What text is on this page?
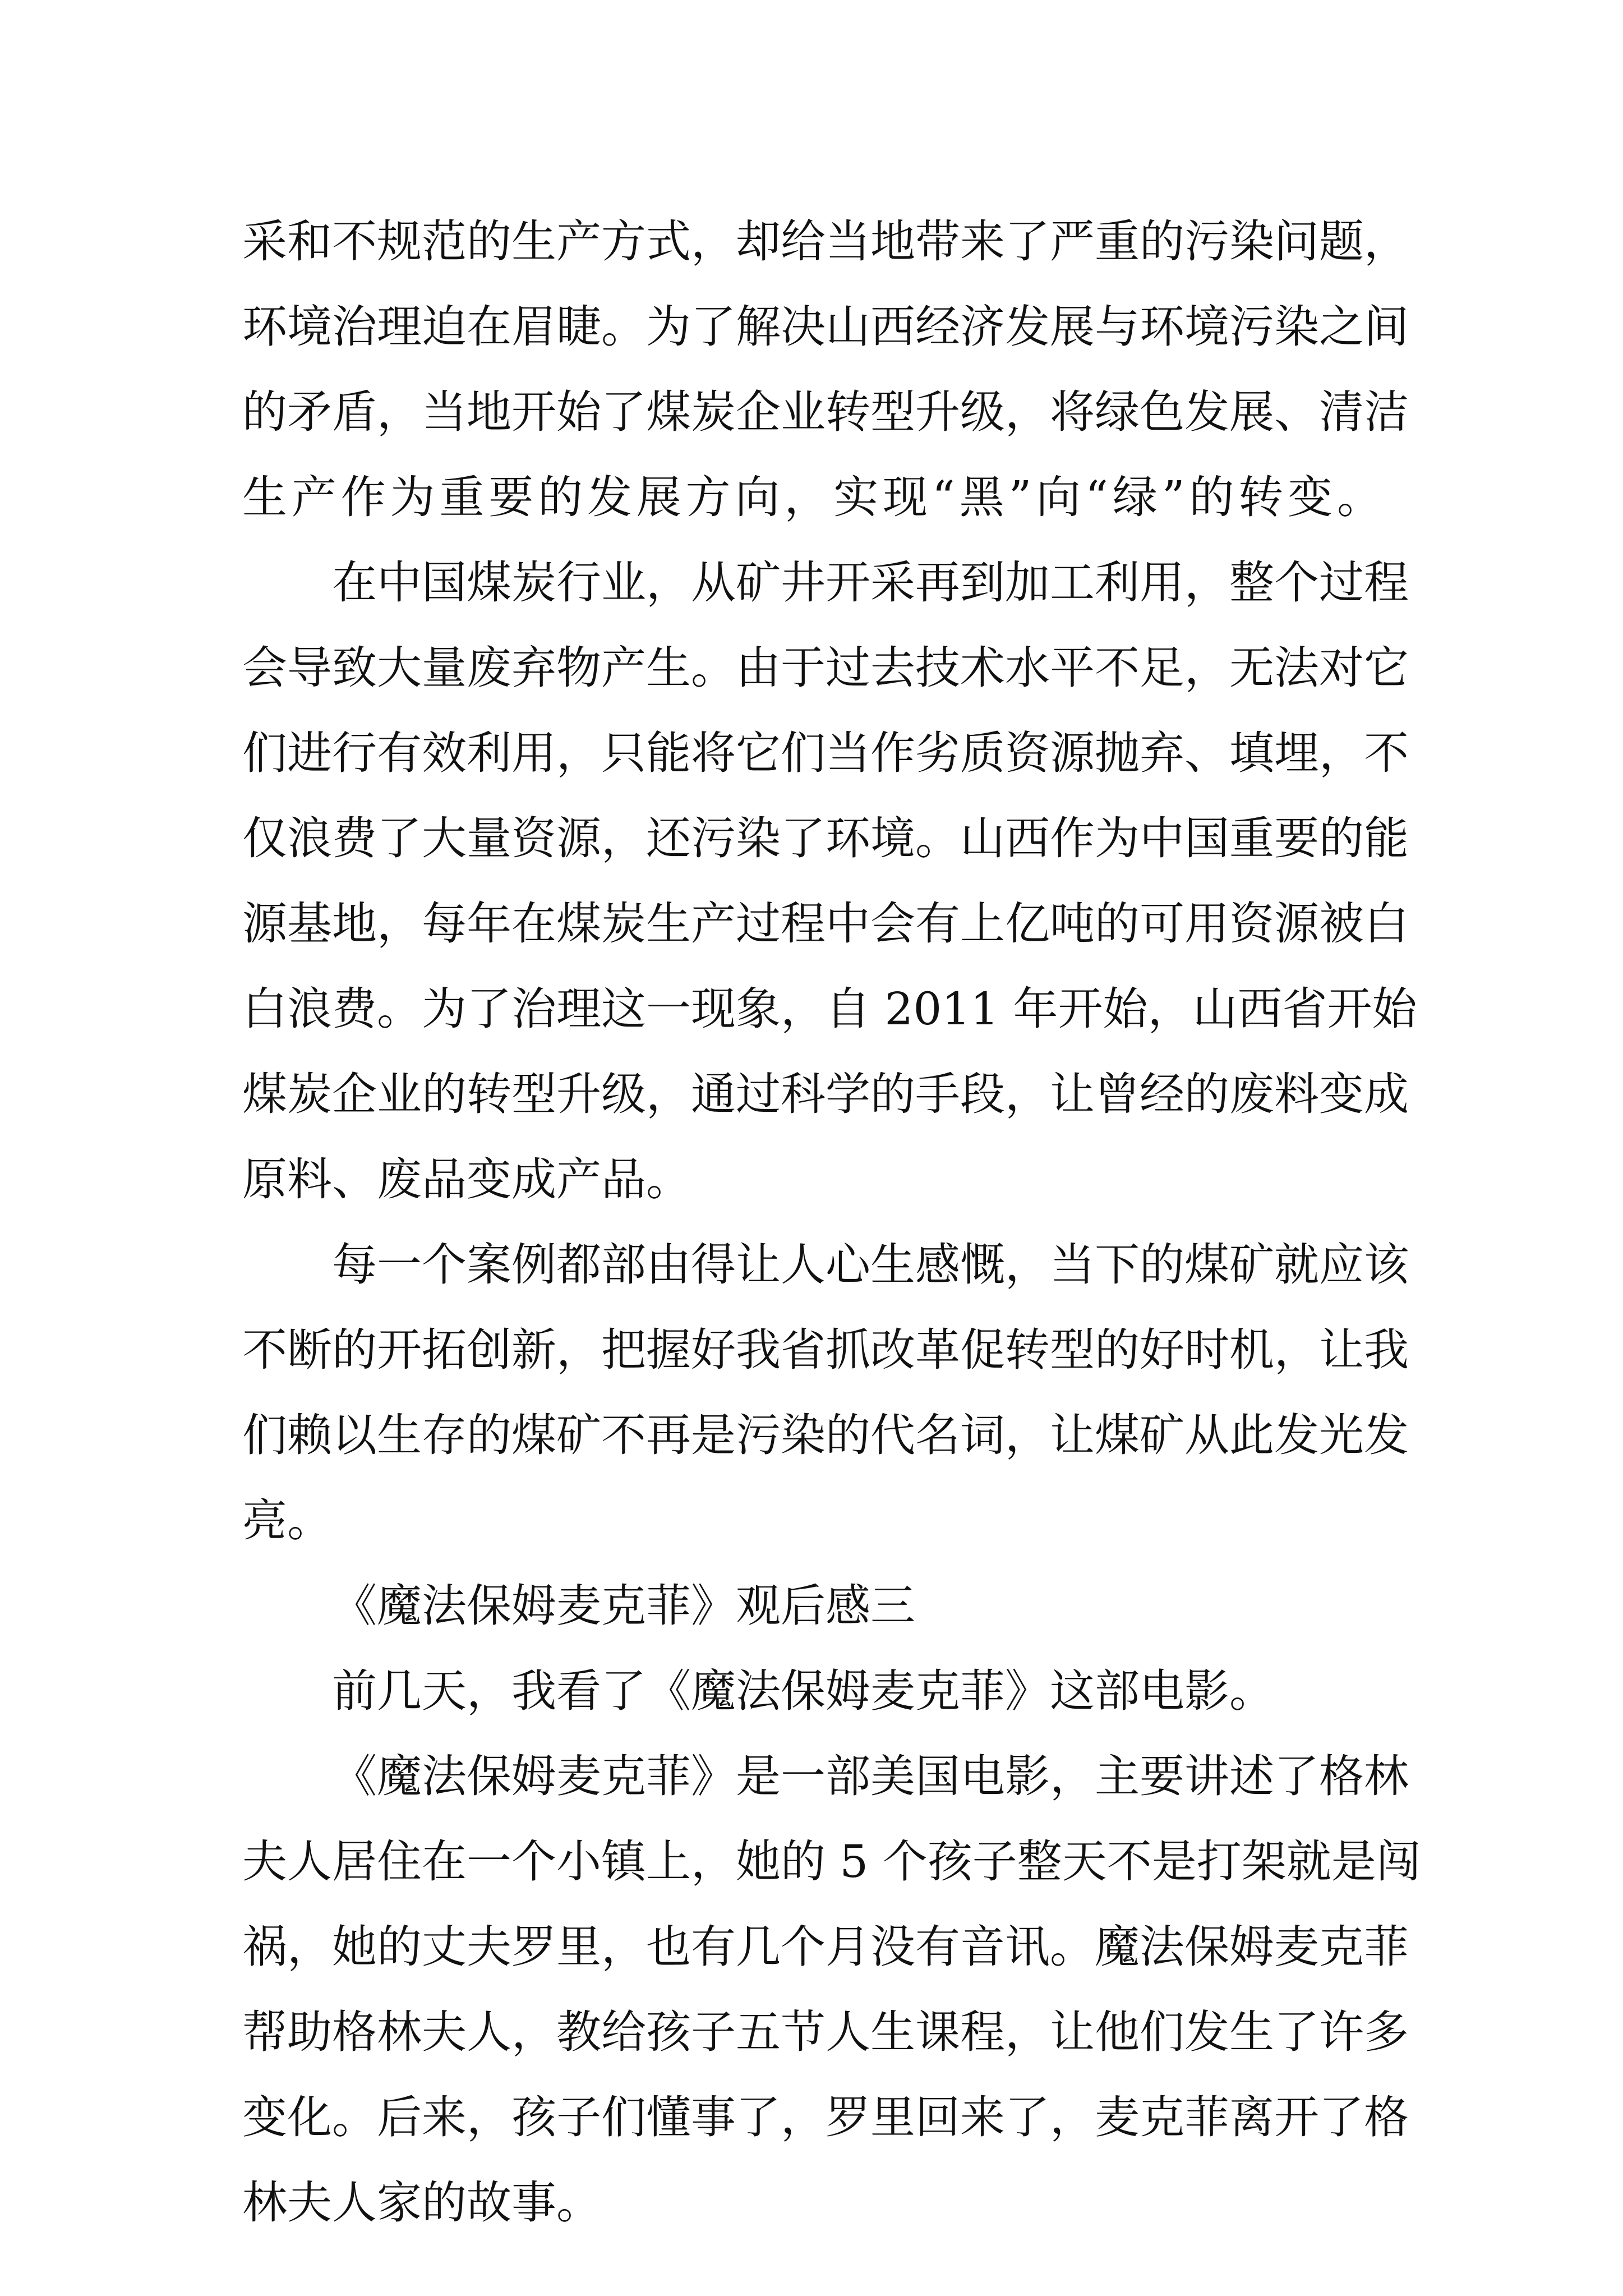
采和不规范的生产方式，却给当地带来了严重的污染问题，
环境治理迫在眉睫。为了解决山西经济发展与环境污染之间
的矛盾，当地开始了煤炭企业转型升级，将绿色发展、清洁
生产作为重要的发展方向，实现“黑”向“绿”的转变。
在中国煤炭行业，从矿井开采再到加工利用，整个过程
会导致大量废弃物产生。由于过去技术水平不足，无法对它
们进行有效利用，只能将它们当作劣质资源抛弃、填埋，不
仅浪费了大量资源，还污染了环境。山西作为中国重要的能
源基地，每年在煤炭生产过程中会有上亿吨的可用资源被白
白浪费。为了治理这一现象，自 2011 年开始，山西省开始
煤炭企业的转型升级，通过科学的手段，让曾经的废料变成
原料、废品变成产品。
每一个案例都部由得让人心生感慨，当下的煤矿就应该
不断的开拓创新，把握好我省抓改革促转型的好时机，让我
们赖以生存的煤矿不再是污染的代名词，让煤矿从此发光发
亮。
《魔法保姆麦克菲》观后感三
前几天，我看了《魔法保姆麦克菲》这部电影。
《魔法保姆麦克菲》是一部美国电影，主要讲述了格林
夫人居住在一个小镇上，她的 5 个孩子整天不是打架就是闯
祸，她的丈夫罗里，也有几个月没有音讯。魔法保姆麦克菲
帮助格林夫人，教给孩子五节人生课程，让他们发生了许多
变化。后来，孩子们懂事了，罗里回来了，麦克菲离开了格
林夫人家的故事。
